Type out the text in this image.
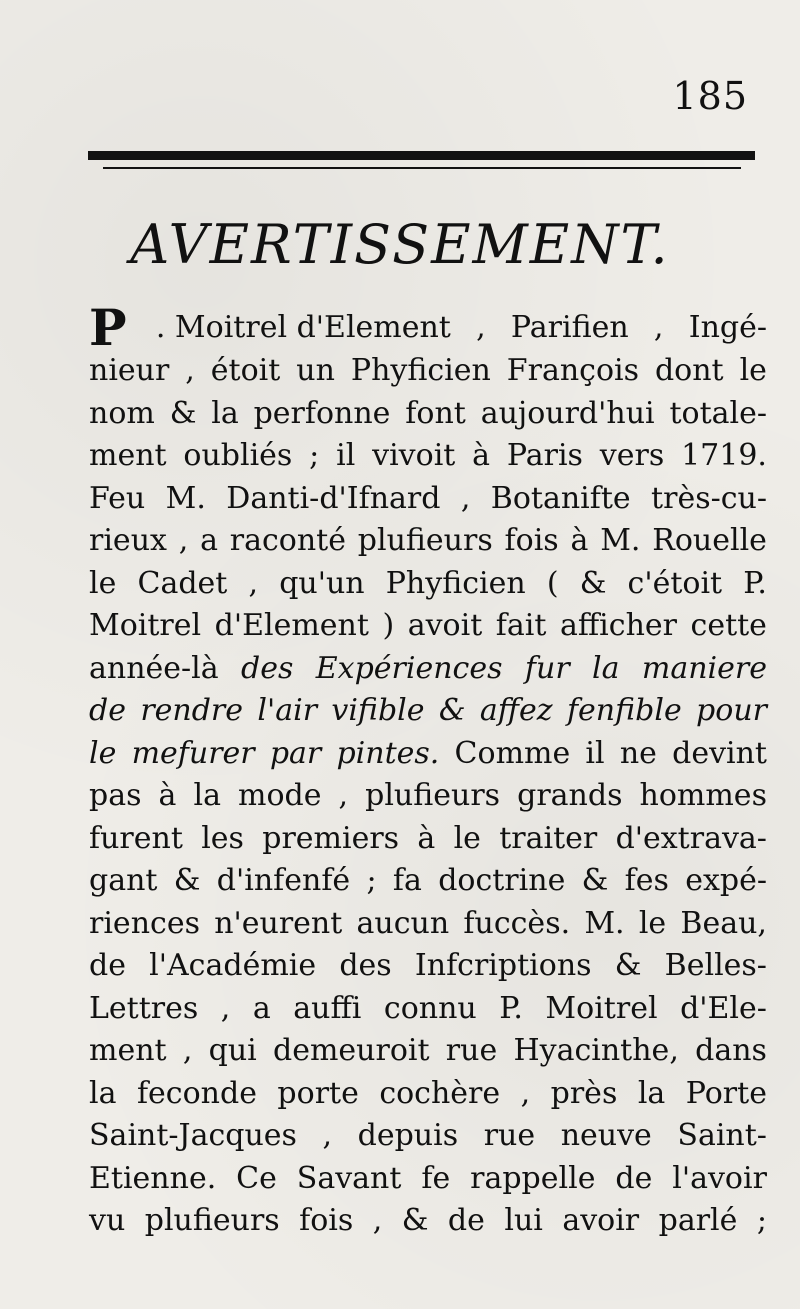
185
AVERTISSEMENT.
P . Moitrel d'Element , Parifien , Ingé-
nieur , étoit un Phyficien François dont le
nom & la perfonne font aujourd'hui totale-
ment oubliés ; il vivoit à Paris vers 1719.
Feu M. Danti-d'Ifnard , Botanifte très-cu-
rieux , a raconté plufieurs fois à M. Rouelle
le Cadet , qu'un Phyficien ( & c'étoit P.
Moitrel d'Element ) avoit fait afficher cette
année-là des Expériences fur la maniere
de rendre l'air vifible & affez fenfible pour
le mefurer par pintes. Comme il ne devint
pas à la mode , plufieurs grands hommes
furent les premiers à le traiter d'extrava-
gant & d'infenfé ; fa doctrine & fes expé-
riences n'eurent aucun fuccès. M. le Beau,
de l'Académie des Infcriptions & Belles-
Lettres , a auffi connu P. Moitrel d'Ele-
ment , qui demeuroit rue Hyacinthe, dans
la feconde porte cochère , près la Porte
Saint-Jacques , depuis rue neuve Saint-
Etienne. Ce Savant fe rappelle de l'avoir
vu plufieurs fois , & de lui avoir parlé ;
